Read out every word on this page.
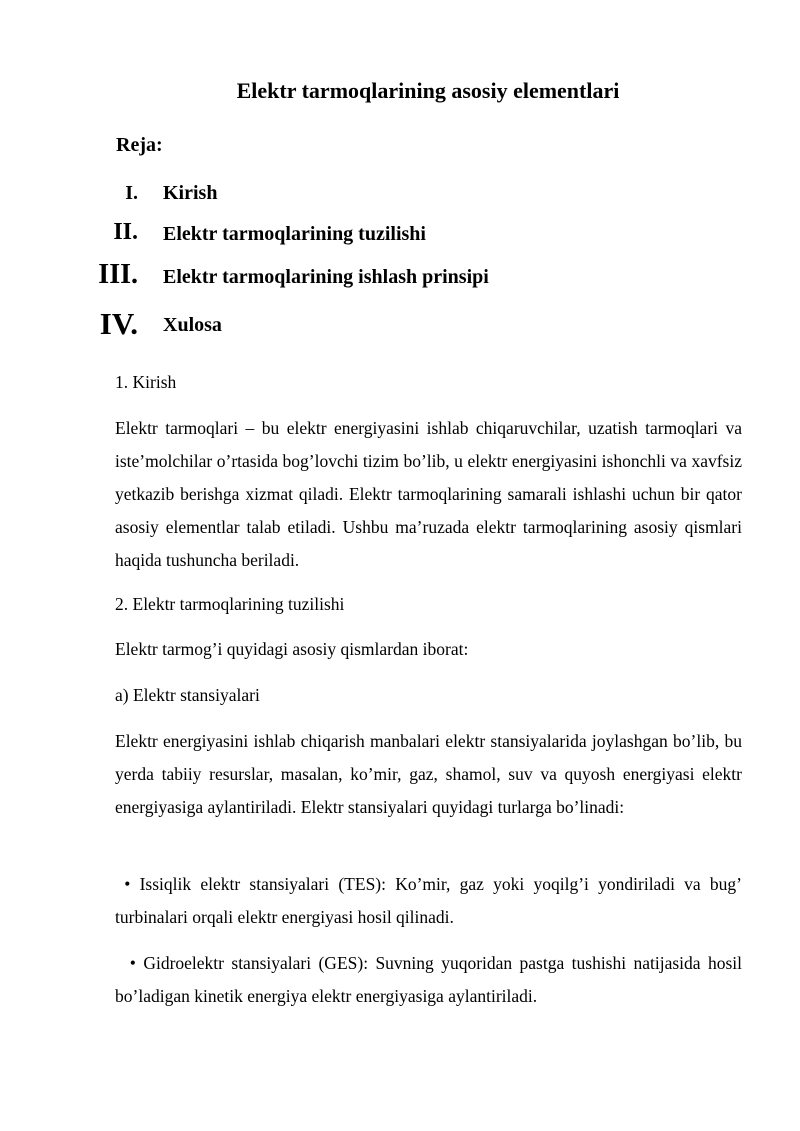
Elektr tarmoqlarining asosiy elementlari
Reja:
I. Kirish
II. Elektr tarmoqlarining tuzilishi
III. Elektr tarmoqlarining ishlash prinsipi
IV. Xulosa
1. Kirish

Elektr tarmoqlari – bu elektr energiyasini ishlab chiqaruvchilar, uzatish tarmoqlari va iste’molchilar o’rtasida bog’lovchi tizim bo’lib, u elektr energiyasini ishonchli va xavfsiz yetkazib berishga xizmat qiladi. Elektr tarmoqlarining samarali ishlashi uchun bir qator asosiy elementlar talab etiladi. Ushbu ma’ruzada elektr tarmoqlarining asosiy qismlari haqida tushuncha beriladi.

2. Elektr tarmoqlarining tuzilishi
Elektr tarmog’i quyidagi asosiy qismlardan iborat:
a) Elektr stansiyalari

Elektr energiyasini ishlab chiqarish manbalari elektr stansiyalarida joylashgan bo’lib, bu yerda tabiiy resurslar, masalan, ko’mir, gaz, shamol, suv va quyosh energiyasi elektr energiyasiga aylantiriladi. Elektr stansiyalari quyidagi turlarga bo’linadi:

• Issiqlik elektr stansiyalari (TES): Ko’mir, gaz yoki yoqilg’i yondiriladi va bug’ turbinalari orqali elektr energiyasi hosil qilinadi.

• Gidroelektr stansiyalari (GES): Suvning yuqoridan pastga tushishi natijasida hosil bo’ladigan kinetik energiya elektr energiyasiga aylantiriladi.
